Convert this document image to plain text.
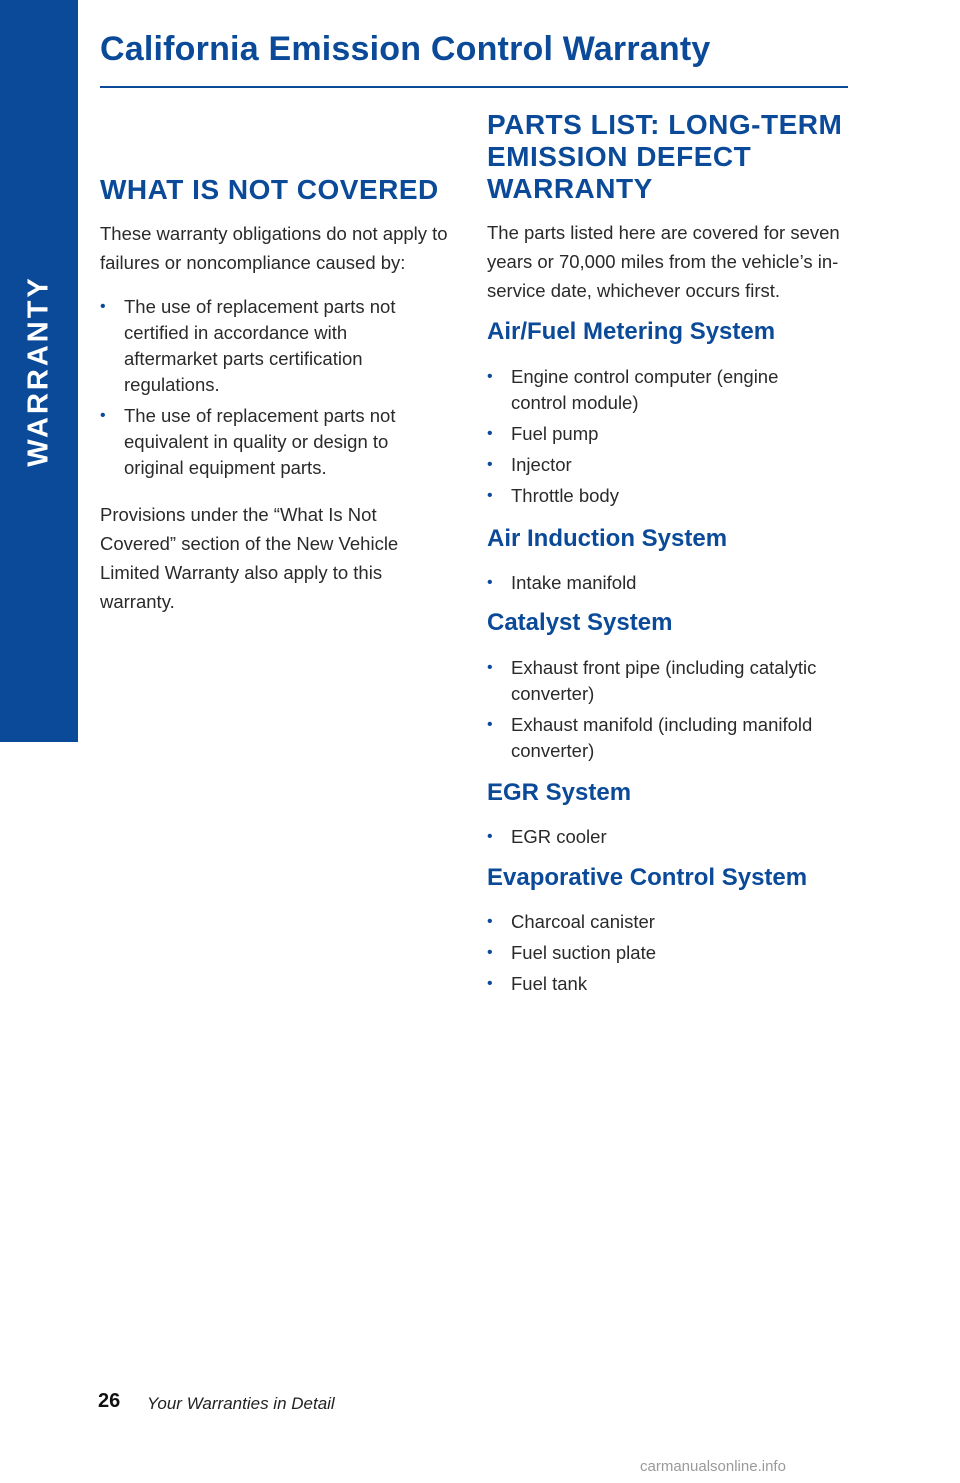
WARRANTY
California Emission Control Warranty
WHAT IS NOT COVERED

These warranty obligations do not apply to failures or noncompliance caused by:

• The use of replacement parts not certified in accordance with aftermarket parts certification regulations.
• The use of replacement parts not equivalent in quality or design to original equipment parts.

Provisions under the “What Is Not Covered” section of the New Vehicle Limited Warranty also apply to this warranty.

PARTS LIST: LONG-TERM EMISSION DEFECT WARRANTY

The parts listed here are covered for seven years or 70,000 miles from the vehicle’s in-service date, whichever occurs first.

Air/Fuel Metering System
• Engine control computer (engine control module)
• Fuel pump
• Injector
• Throttle body
Air Induction System
• Intake manifold
Catalyst System
• Exhaust front pipe (including catalytic converter)
• Exhaust manifold (including manifold converter)
EGR System
• EGR cooler
Evaporative Control System
• Charcoal canister
• Fuel suction plate
• Fuel tank
26 Your Warranties in Detail
carmanualsonline.info
